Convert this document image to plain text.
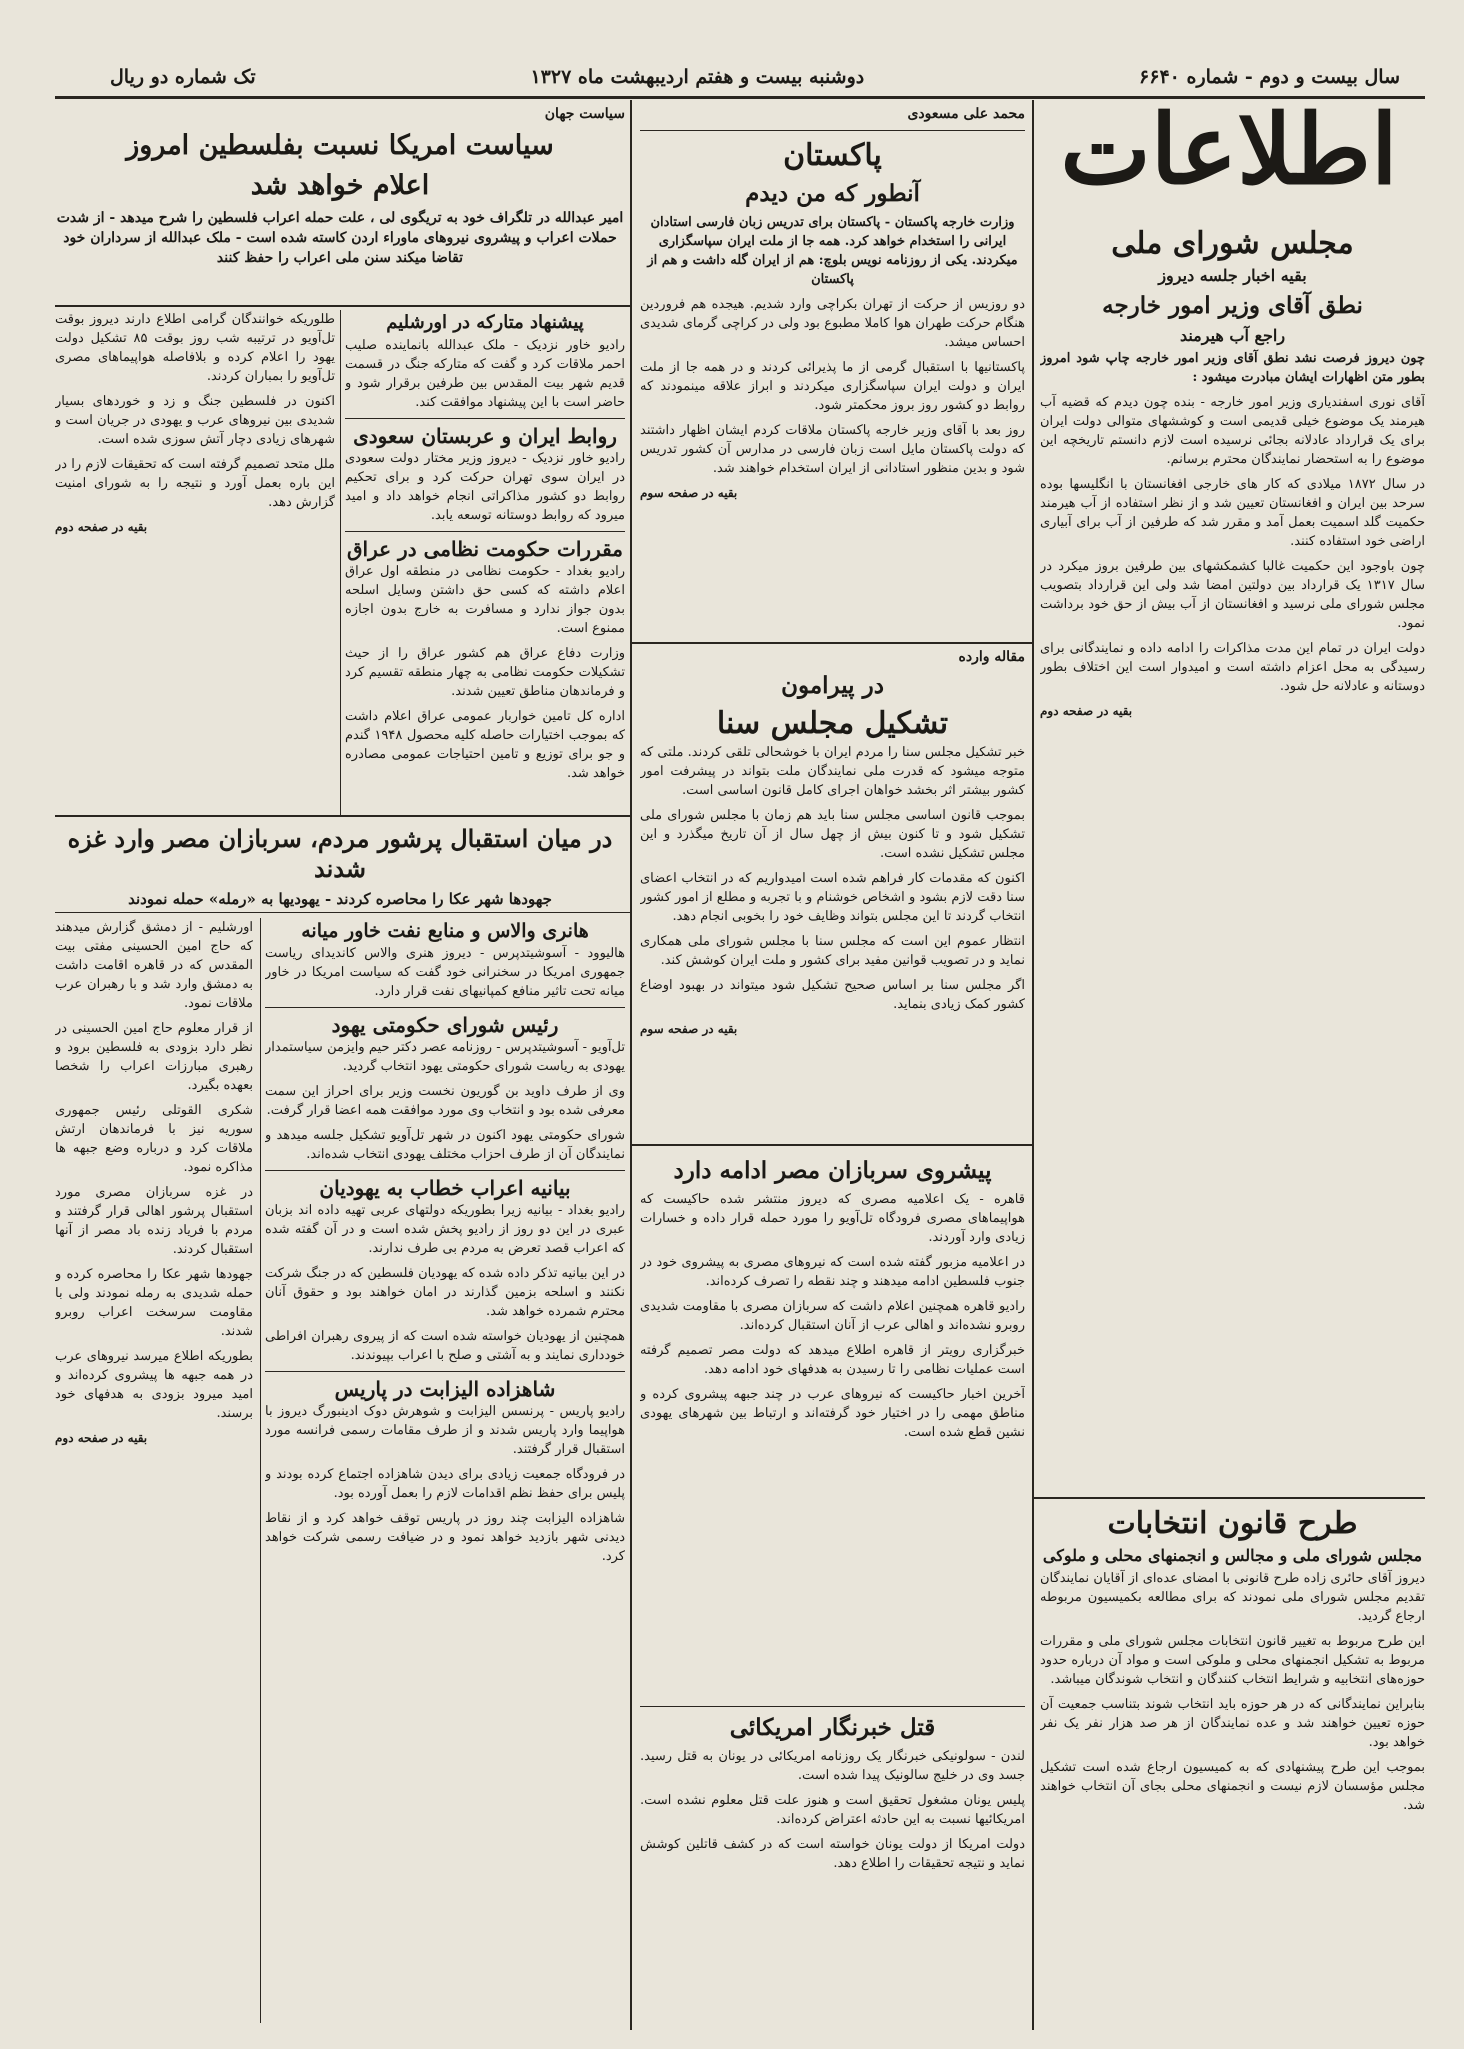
سال بیست و دوم - شماره ۶۶۴۰
دوشنبه بیست و هفتم اردیبهشت ماه ۱۳۲۷
تک شماره دو ریال
اطلاعات
مجلس شورای ملی
بقیه اخبار جلسه دیروز
نطق آقای وزیر امور خارجه
راجع آب هیرمند

چون دیروز فرصت نشد نطق آقای وزیر امور خارجه چاپ شود امروز بطور متن اظهارات ایشان مبادرت میشود :

آقای نوری اسفندیاری وزیر امور خارجه - بنده چون دیدم که قضیه آب هیرمند یک موضوع خیلی قدیمی است و کوششهای متوالی دولت ایران برای یک قرارداد عادلانه بجائی نرسیده است لازم دانستم تاریخچه این موضوع را به استحضار نمایندگان محترم برسانم.

در سال ۱۸۷۲ میلادی که کار های خارجی افغانستان با انگلیسها بوده سرحد بین ایران و افغانستان تعیین شد و از نظر استفاده از آب هیرمند حکمیت گلد اسمیت بعمل آمد و مقرر شد که طرفین از آب برای آبیاری اراضی خود استفاده کنند.

چون باوجود این حکمیت غالبا کشمکشهای بین طرفین بروز میکرد در سال ۱۳۱۷ یک قرارداد بین دولتین امضا شد ولی این قرارداد بتصویب مجلس شورای ملی نرسید و افغانستان از آب بیش از حق خود برداشت نمود.

دولت ایران در تمام این مدت مذاکرات را ادامه داده و نمایندگانی برای رسیدگی به محل اعزام داشته است و امیدوار است این اختلاف بطور دوستانه و عادلانه حل شود.

بقیه در صفحه دوم
طرح قانون انتخابات
مجلس شورای ملی و مجالس و انجمنهای محلی و ملوکی

دیروز آقای حائری زاده طرح قانونی با امضای عده‌ای از آقایان نمایندگان تقدیم مجلس شورای ملی نمودند که برای مطالعه بکمیسیون مربوطه ارجاع گردید.

این طرح مربوط به تغییر قانون انتخابات مجلس شورای ملی و مقررات مربوط به تشکیل انجمنهای محلی و ملوکی است و مواد آن درباره حدود حوزه‌های انتخابیه و شرایط انتخاب کنندگان و انتخاب شوندگان میباشد.

بنابراین نمایندگانی که در هر حوزه باید انتخاب شوند بتناسب جمعیت آن حوزه تعیین خواهند شد و عده نمایندگان از هر صد هزار نفر یک نفر خواهد بود.

بموجب این طرح پیشنهادی که به کمیسیون ارجاع شده است تشکیل مجلس مؤسسان لازم نیست و انجمنهای محلی بجای آن انتخاب خواهند شد.

محمد علی مسعودی
پاکستان
آنطور که من دیدم

وزارت خارجه پاکستان - پاکستان برای تدریس زبان فارسی استادان ایرانی را استخدام خواهد کرد. همه جا از ملت ایران سپاسگزاری میکردند. یکی از روزنامه نویس بلوچ: هم از ایران گله داشت و هم از پاکستان

دو روزیس از حرکت از تهران بکراچی وارد شدیم. هیجده هم فروردین هنگام حرکت طهران هوا کاملا مطبوع بود ولی در کراچی گرمای شدیدی احساس میشد.

پاکستانیها با استقبال گرمی از ما پذیرائی کردند و در همه جا از ملت ایران و دولت ایران سپاسگزاری میکردند و ابراز علاقه مینمودند که روابط دو کشور روز بروز محکمتر شود.

روز بعد با آقای وزیر خارجه پاکستان ملاقات کردم ایشان اظهار داشتند که دولت پاکستان مایل است زبان فارسی در مدارس آن کشور تدریس شود و بدین منظور استادانی از ایران استخدام خواهند شد.

بقیه در صفحه سوم
مقاله وارده
در پیرامون
تشکیل مجلس سنا

خبر تشکیل مجلس سنا را مردم ایران با خوشحالی تلقی کردند. ملتی که متوجه میشود که قدرت ملی نمایندگان ملت بتواند در پیشرفت امور کشور بیشتر اثر بخشد خواهان اجرای کامل قانون اساسی است.

بموجب قانون اساسی مجلس سنا باید هم زمان با مجلس شورای ملی تشکیل شود و تا کنون بیش از چهل سال از آن تاریخ میگذرد و این مجلس تشکیل نشده است.

اکنون که مقدمات کار فراهم شده است امیدواریم که در انتخاب اعضای سنا دقت لازم بشود و اشخاص خوشنام و با تجربه و مطلع از امور کشور انتخاب گردند تا این مجلس بتواند وظایف خود را بخوبی انجام دهد.

انتظار عموم این است که مجلس سنا با مجلس شورای ملی همکاری نماید و در تصویب قوانین مفید برای کشور و ملت ایران کوشش کند.

اگر مجلس سنا بر اساس صحیح تشکیل شود میتواند در بهبود اوضاع کشور کمک زیادی بنماید.

بقیه در صفحه سوم
پیشروی سربازان مصر ادامه دارد

قاهره - یک اعلامیه مصری که دیروز منتشر شده حاکیست که هواپیماهای مصری فرودگاه تل‌آویو را مورد حمله قرار داده و خسارات زیادی وارد آوردند.

در اعلامیه مزبور گفته شده است که نیروهای مصری به پیشروی خود در جنوب فلسطین ادامه میدهند و چند نقطه را تصرف کرده‌اند.

رادیو قاهره همچنین اعلام داشت که سربازان مصری با مقاومت شدیدی روبرو نشده‌اند و اهالی عرب از آنان استقبال کرده‌اند.

خبرگزاری رویتر از قاهره اطلاع میدهد که دولت مصر تصمیم گرفته است عملیات نظامی را تا رسیدن به هدفهای خود ادامه دهد.

آخرین اخبار حاکیست که نیروهای عرب در چند جبهه پیشروی کرده و مناطق مهمی را در اختیار خود گرفته‌اند و ارتباط بین شهرهای یهودی نشین قطع شده است.

قتل خبرنگار امریکائی

لندن - سولونیکی خبرنگار یک روزنامه امریکائی در یونان به قتل رسید. جسد وی در خلیج سالونیک پیدا شده است.

پلیس یونان مشغول تحقیق است و هنوز علت قتل معلوم نشده است. امریکائیها نسبت به این حادثه اعتراض کرده‌اند.

دولت امریکا از دولت یونان خواسته است که در کشف قاتلین کوشش نماید و نتیجه تحقیقات را اطلاع دهد.

سیاست جهان
سیاست امریکا نسبت بفلسطین امروز
اعلام خواهد شد

امیر عبدالله در تلگراف خود به تریگوی لی ، علت حمله اعراب فلسطین را شرح میدهد - از شدت حملات اعراب و پیشروی نیروهای ماوراء اردن کاسته شده است - ملک عبدالله از سرداران خود تقاضا میکند سنن ملی اعراب را حفظ کنند

پیشنهاد متارکه در اورشلیم

رادیو خاور نزدیک - ملک عبدالله بانماینده صلیب احمر ملاقات کرد و گفت که متارکه جنگ در قسمت قدیم شهر بیت المقدس بین طرفین برقرار شود و حاضر است با این پیشنهاد موافقت کند.

روابط ایران و عربستان سعودی

رادیو خاور نزدیک - دیروز وزیر مختار دولت سعودی در ایران سوی تهران حرکت کرد و برای تحکیم روابط دو کشور مذاکراتی انجام خواهد داد و امید میرود که روابط دوستانه توسعه یابد.

مقررات حکومت نظامی در عراق

رادیو بغداد - حکومت نظامی در منطقه اول عراق اعلام داشته که کسی حق داشتن وسایل اسلحه بدون جواز ندارد و مسافرت به خارج بدون اجازه ممنوع است.

وزارت دفاع عراق هم کشور عراق را از حیث تشکیلات حکومت نظامی به چهار منطقه تقسیم کرد و فرماندهان مناطق تعیین شدند.

اداره کل تامین خواربار عمومی عراق اعلام داشت که بموجب اختیارات حاصله کلیه محصول ۱۹۴۸ گندم و جو برای توزیع و تامین احتیاجات عمومی مصادره خواهد شد.

طلوریکه خوانندگان گرامی اطلاع دارند دیروز بوقت تل‌آویو در ترتیبه شب روز بوقت ۸۵ تشکیل دولت یهود را اعلام کرده و بلافاصله هواپیماهای مصری تل‌آویو را بمباران کردند.

اکنون در فلسطین جنگ و زد و خوردهای بسیار شدیدی بین نیروهای عرب و یهودی در جریان است و شهرهای زیادی دچار آتش سوزی شده است.

ملل متحد تصمیم گرفته است که تحقیقات لازم را در این باره بعمل آورد و نتیجه را به شورای امنیت گزارش دهد.

بقیه در صفحه دوم
در میان استقبال پرشور مردم، سربازان مصر وارد غزه شدند
جهودها شهر عکا را محاصره کردند - یهودیها به «رمله» حمله نمودند
هانری والاس و منابع نفت خاور میانه

هالیوود - آسوشیتدپرس - دیروز هنری والاس کاندیدای ریاست جمهوری امریکا در سخنرانی خود گفت که سیاست امریکا در خاور میانه تحت تاثیر منافع کمپانیهای نفت قرار دارد.

رئیس شورای حکومتی یهود

تل‌آویو - آسوشیتدپرس - روزنامه عصر دکتر حیم وایزمن سیاستمدار یهودی به ریاست شورای حکومتی یهود انتخاب گردید.

وی از طرف داوید بن گوریون نخست وزیر برای احراز این سمت معرفی شده بود و انتخاب وی مورد موافقت همه اعضا قرار گرفت.

شورای حکومتی یهود اکنون در شهر تل‌آویو تشکیل جلسه میدهد و نمایندگان آن از طرف احزاب مختلف یهودی انتخاب شده‌اند.

بیانیه اعراب خطاب به یهودیان

رادیو بغداد - بیانیه زیرا بطوریکه دولتهای عربی تهیه داده اند بزبان عبری در این دو روز از رادیو پخش شده است و در آن گفته شده که اعراب قصد تعرض به مردم بی طرف ندارند.

در این بیانیه تذکر داده شده که یهودیان فلسطین که در جنگ شرکت نکنند و اسلحه بزمین گذارند در امان خواهند بود و حقوق آنان محترم شمرده خواهد شد.

همچنین از یهودیان خواسته شده است که از پیروی رهبران افراطی خودداری نمایند و به آشتی و صلح با اعراب بپیوندند.

شاهزاده الیزابت در پاریس

رادیو پاریس - پرنسس الیزابت و شوهرش دوک ادینبورگ دیروز با هواپیما وارد پاریس شدند و از طرف مقامات رسمی فرانسه مورد استقبال قرار گرفتند.

در فرودگاه جمعیت زیادی برای دیدن شاهزاده اجتماع کرده بودند و پلیس برای حفظ نظم اقدامات لازم را بعمل آورده بود.

شاهزاده الیزابت چند روز در پاریس توقف خواهد کرد و از نقاط دیدنی شهر بازدید خواهد نمود و در ضیافت رسمی شرکت خواهد کرد.

اورشلیم - از دمشق گزارش میدهند که حاج امین الحسینی مفتی بیت المقدس که در قاهره اقامت داشت به دمشق وارد شد و با رهبران عرب ملاقات نمود.

از قرار معلوم حاج امین الحسینی در نظر دارد بزودی به فلسطین برود و رهبری مبارزات اعراب را شخصا بعهده بگیرد.

شکری القوتلی رئیس جمهوری سوریه نیز با فرماندهان ارتش ملاقات کرد و درباره وضع جبهه ها مذاکره نمود.

در غزه سربازان مصری مورد استقبال پرشور اهالی قرار گرفتند و مردم با فریاد زنده باد مصر از آنها استقبال کردند.

جهودها شهر عکا را محاصره کرده و حمله شدیدی به رمله نمودند ولی با مقاومت سرسخت اعراب روبرو شدند.

بطوریکه اطلاع میرسد نیروهای عرب در همه جبهه ها پیشروی کرده‌اند و امید میرود بزودی به هدفهای خود برسند.

بقیه در صفحه دوم
